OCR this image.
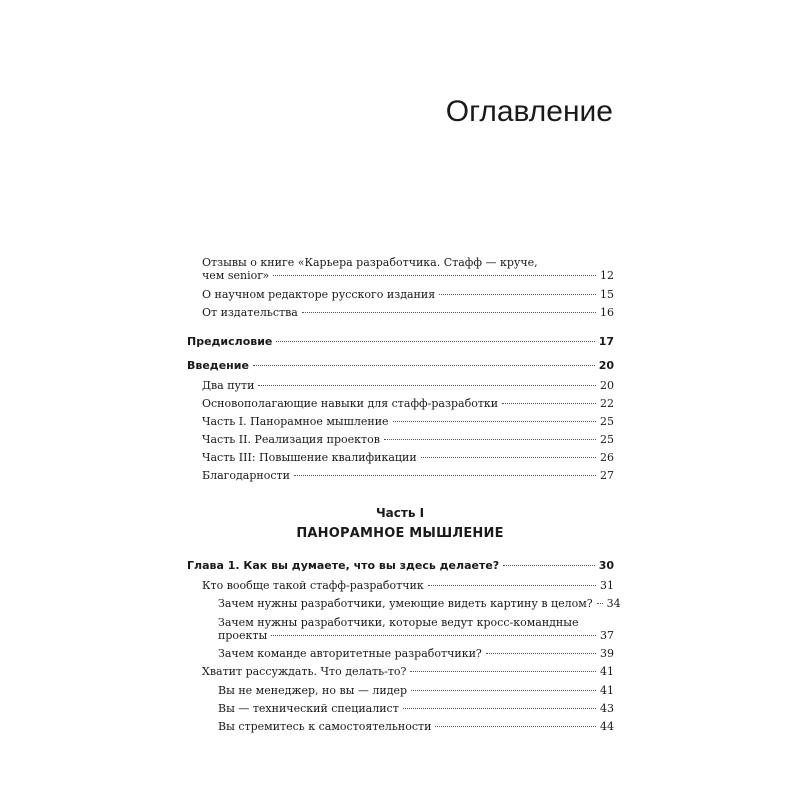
Оглавление
Отзывы о книге «Карьера разработчика. Стафф — круче,
чем senior»	12
О научном редакторе русского издания	15
От издательства	16
Предисловие	17
Введение	20
Два пути	20
Основополагающие навыки для стафф-разработки	22
Часть I. Панорамное мышление	25
Часть II. Реализация проектов	25
Часть III: Повышение квалификации	26
Благодарности	27
Часть I
ПАНОРАМНОЕ МЫШЛЕНИЕ
Глава 1. Как вы думаете, что вы здесь делаете?	30
Кто вообще такой стафф-разработчик	31
Зачем нужны разработчики, умеющие видеть картину в целом? 34
Зачем нужны разработчики, которые ведут кросс-командные
проекты	37
Зачем команде авторитетные разработчики?	39
Хватит рассуждать. Что делать-то?	41
Вы не менеджер, но вы — лидер	41
Вы — технический специалист	43
Вы стремитесь к самостоятельности	44
